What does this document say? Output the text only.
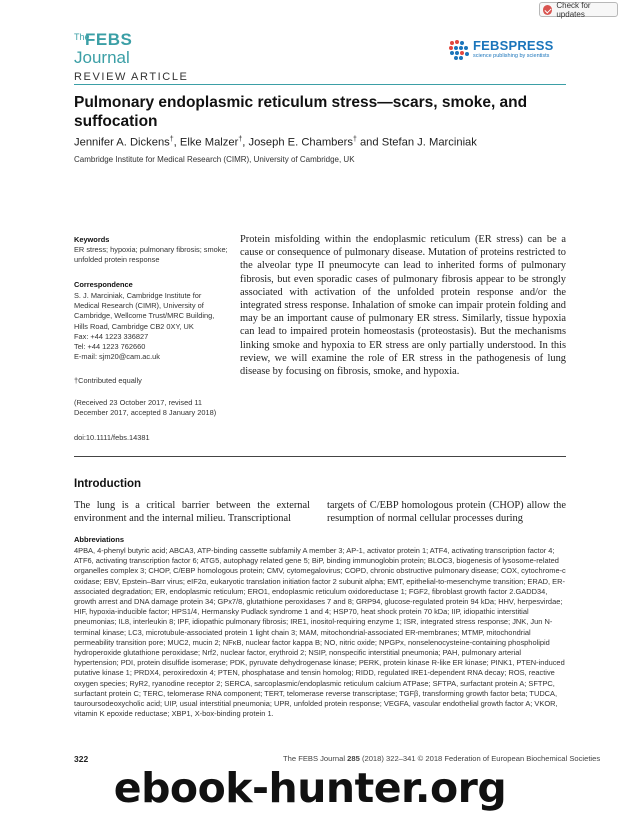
Check for updates
The
FEBS
Journal
REVIEW ARTICLE
FEBSPRESS
science publishing by scientists
Pulmonary endoplasmic reticulum stress—scars, smoke, and suffocation
Jennifer A. Dickens†, Elke Malzer†, Joseph E. Chambers† and Stefan J. Marciniak
Cambridge Institute for Medical Research (CIMR), University of Cambridge, UK
Keywords
ER stress; hypoxia; pulmonary fibrosis; smoke; unfolded protein response
Correspondence
S. J. Marciniak, Cambridge Institute for
Medical Research (CIMR), University of
Cambridge, Wellcome Trust/MRC Building,
Hills Road, Cambridge CB2 0XY, UK
Fax: +44 1223 336827
Tel: +44 1223 762660
E-mail: sjm20@cam.ac.uk
†Contributed equally
(Received 23 October 2017, revised 11 December 2017, accepted 8 January 2018)
doi:10.1111/febs.14381
Protein misfolding within the endoplasmic reticulum (ER stress) can be a cause or consequence of pulmonary disease. Mutation of proteins restricted to the alveolar type II pneumocyte can lead to inherited forms of pulmonary fibrosis, but even sporadic cases of pulmonary fibrosis appear to be strongly associated with activation of the unfolded protein response and/or the integrated stress response. Inhalation of smoke can impair protein folding and may be an important cause of pulmonary ER stress. Similarly, tissue hypoxia can lead to impaired protein homeostasis (proteostasis). But the mechanisms linking smoke and hypoxia to ER stress are only partially understood. In this review, we will examine the role of ER stress in the pathogenesis of lung disease by focusing on fibrosis, smoke, and hypoxia.
Introduction
The lung is a critical barrier between the external environment and the internal milieu. Transcriptional
targets of C/EBP homologous protein (CHOP) allow the resumption of normal cellular processes during
Abbreviations
4PBA, 4-phenyl butyric acid; ABCA3, ATP-binding cassette subfamily A member 3; AP-1, activator protein 1; ATF4, activating transcription factor 4; ATF6, activating transcription factor 6; ATG5, autophagy related gene 5; BiP, binding immunoglobin protein; BLOC3, biogenesis of lysosome-related organelles complex 3; CHOP, C/EBP homologous protein; CMV, cytomegalovirus; COPD, chronic obstructive pulmonary disease; COX, cytochrome-c oxidase; EBV, Epstein–Barr virus; eIF2α, eukaryotic translation initiation factor 2 subunit alpha; EMT, epithelial-to-mesenchyme transition; ERAD, ER-associated degradation; ER, endoplasmic reticulum; ERO1, endoplasmic reticulum oxidoreductase 1; FGF2, fibroblast growth factor 2.GADD34, growth arrest and DNA damage protein 34; GPx7/8, glutathione peroxidases 7 and 8; GRP94, glucose-regulated protein 94 kDa; HHV, herpesvirdae; HIF, hypoxia-inducible factor; HPS1/4, Hermansky Pudlack syndrome 1 and 4; HSP70, heat shock protein 70 kDa; IIP, idiopathic interstitial pneumonias; IL8, interleukin 8; IPF, idiopathic pulmonary fibrosis; IRE1, inositol-requiring enzyme 1; ISR, integrated stress response; JNK, Jun N-terminal kinase; LC3, microtubule-associated protein 1 light chain 3; MAM, mitochondrial-associated ER-membranes; MTMP, mitochondrial permeability transition pore; MUC2, mucin 2; NFκB, nuclear factor kappa B; NO, nitric oxide; NPGPx, nonselenocysteine-containing phospholipid hydroperoxide glutathione peroxidase; Nrf2, nuclear factor, erythroid 2; NSIP, nonspecific interstitial pneumonia; PAH, pulmonary arterial hypertension; PDI, protein disulfide isomerase; PDK, pyruvate dehydrogenase kinase; PERK, protein kinase R-like ER kinase; PINK1, PTEN-induced putative kinase 1; PRDX4, peroxiredoxin 4; PTEN, phosphatase and tensin homolog; RIDD, regulated IRE1-dependent RNA decay; ROS, reactive oxygen species; RyR2, ryanodine receptor 2; SERCA, sarcoplasmic/endoplasmic reticulum calcium ATPase; SFTPA, surfactant protein A; SFTPC, surfactant protein C; TERC, telomerase RNA component; TERT, telomerase reverse transcriptase; TGFβ, transforming growth factor beta; TUDCA, tauroursodeoxycholic acid; UIP, usual interstitial pneumonia; UPR, unfolded protein response; VEGFA, vascular endothelial growth factor A; VKOR, vitamin K epoxide reductase; XBP1, X-box-binding protein 1.
322	The FEBS Journal 285 (2018) 322–341 © 2018 Federation of European Biochemical Societies
ebook-hunter.org
